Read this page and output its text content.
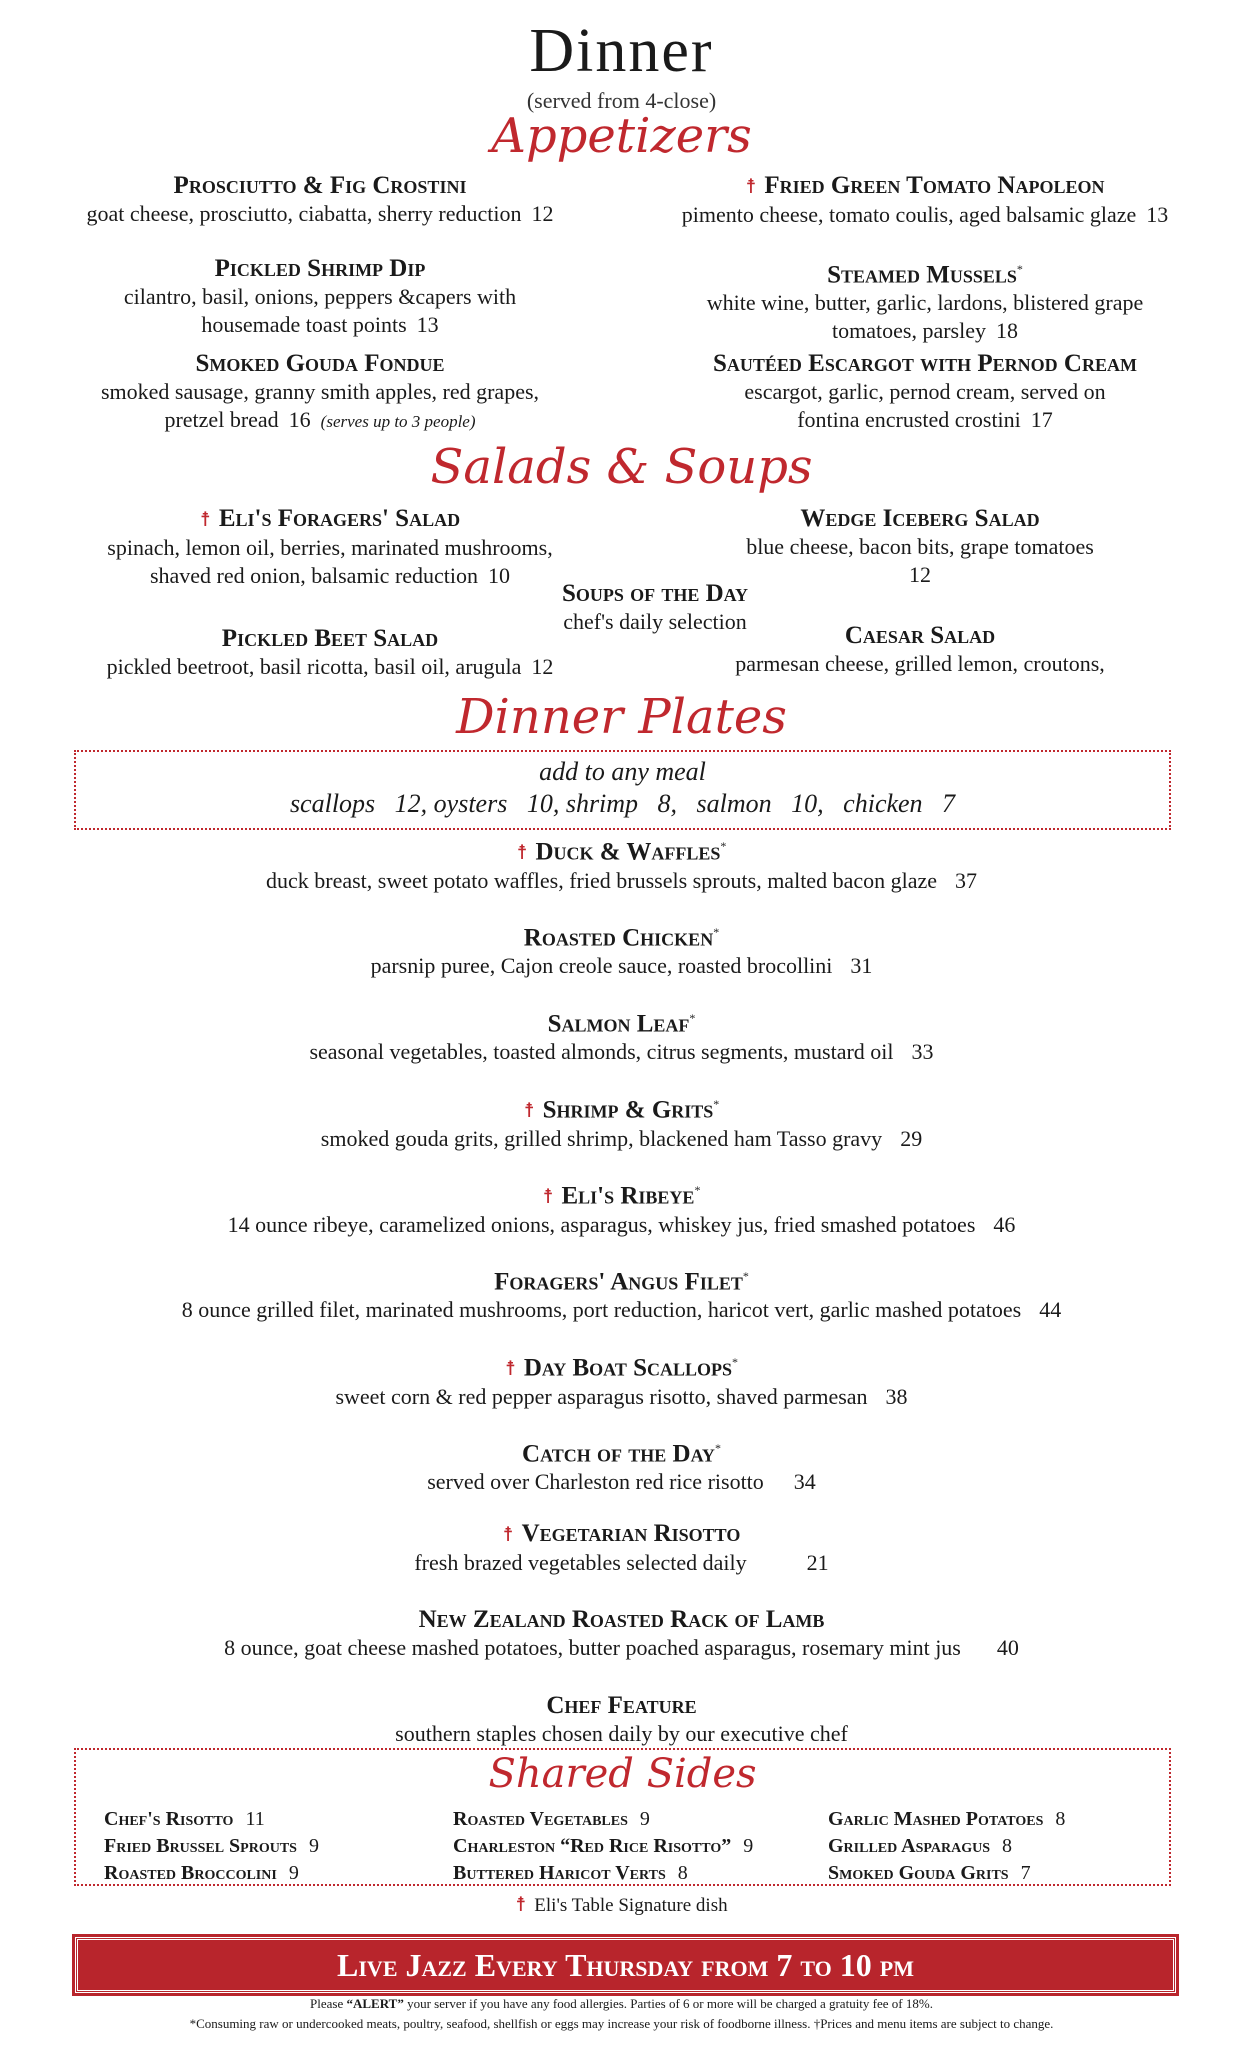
Dinner
(served from 4-close)
Appetizers
Prosciutto & Fig Crostini
goat cheese, prosciutto, ciabatta, sherry reduction 12
☨ Fried Green Tomato Napoleon
pimento cheese, tomato coulis, aged balsamic glaze 13
Pickled Shrimp Dip
cilantro, basil, onions, peppers &capers with
housemade toast points 13
Steamed Mussels*
white wine, butter, garlic, lardons, blistered grape
tomatoes, parsley 18
Smoked Gouda Fondue
smoked sausage, granny smith apples, red grapes,
pretzel bread 16 (serves up to 3 people)
Sautéed Escargot with Pernod Cream
escargot, garlic, pernod cream, served on
fontina encrusted crostini 17
Salads & Soups
☨ Eli's Foragers' Salad
spinach, lemon oil, berries, marinated mushrooms,
shaved red onion, balsamic reduction 10
Wedge Iceberg Salad
blue cheese, bacon bits, grape tomatoes
12
Soups of the Day
chef's daily selection
Pickled Beet Salad
pickled beetroot, basil ricotta, basil oil, arugula 12
Caesar Salad
parmesan cheese, grilled lemon, croutons,
Dinner Plates
add to any meal
scallops   12, oysters   10, shrimp   8,   salmon   10,   chicken   7
☨ Duck & Waffles*
duck breast, sweet potato waffles, fried brussels sprouts, malted bacon glaze 37
Roasted Chicken*
parsnip puree, Cajon creole sauce, roasted brocollini 31
Salmon Leaf*
seasonal vegetables, toasted almonds, citrus segments, mustard oil 33
☨ Shrimp & Grits*
smoked gouda grits, grilled shrimp, blackened ham Tasso gravy 29
☨ Eli's Ribeye*
14 ounce ribeye, caramelized onions, asparagus, whiskey jus, fried smashed potatoes 46
Foragers' Angus Filet*
8 ounce grilled filet, marinated mushrooms, port reduction, haricot vert, garlic mashed potatoes 44
☨ Day Boat Scallops*
sweet corn & red pepper asparagus risotto, shaved parmesan 38
Catch of the Day*
served over Charleston red rice risotto 34
☨ Vegetarian Risotto
fresh brazed vegetables selected daily	21
New Zealand Roasted Rack of Lamb
8 ounce, goat cheese mashed potatoes, butter poached asparagus, rosemary mint jus 40
Chef Feature
southern staples chosen daily by our executive chef
Shared Sides
Chef's Risotto 11
Fried Brussel Sprouts 9
Roasted Broccolini 9
Roasted Vegetables 9
Charleston “Red Rice Risotto” 9
Buttered Haricot Verts 8
Garlic Mashed Potatoes 8
Grilled Asparagus 8
Smoked Gouda Grits 7
☨ Eli's Table Signature dish
Live Jazz Every Thursday from 7 to 10 pm
Please “ALERT” your server if you have any food allergies. Parties of 6 or more will be charged a gratuity fee of 18%.
*Consuming raw or undercooked meats, poultry, seafood, shellfish or eggs may increase your risk of foodborne illness. †Prices and menu items are subject to change.
